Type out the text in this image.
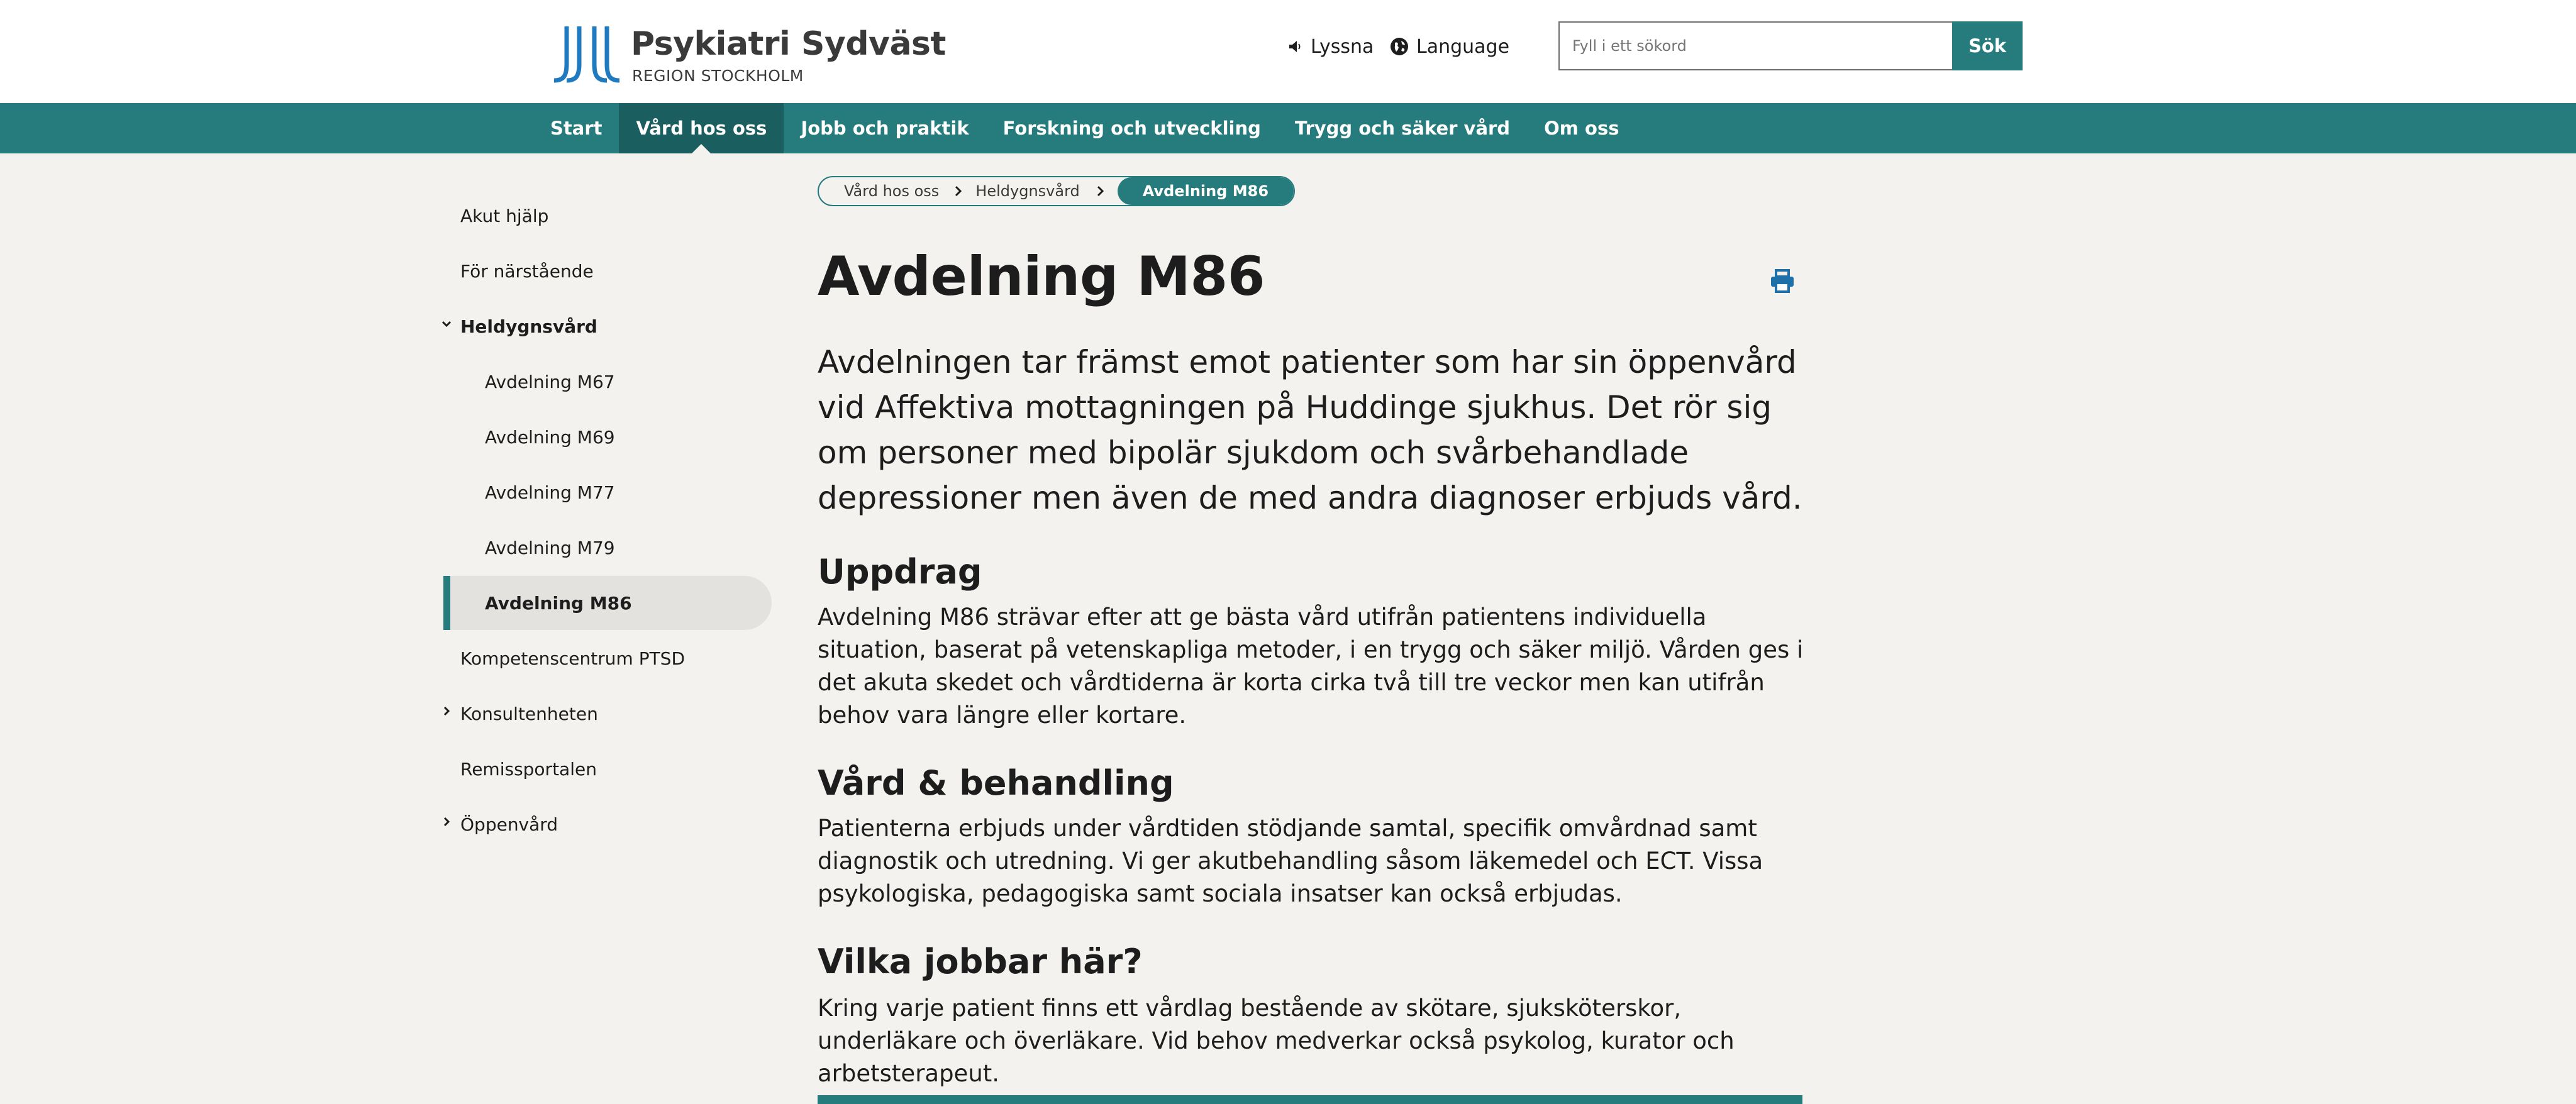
Psykiatri Sydväst
REGION STOCKHOLM
Lyssna Language
Fyll i ett sökord	Sök
Start	Vård hos oss	Jobb och praktik	Forskning och utveckling	Trygg och säker vård	Om oss
Akut hjälp
För närstående
Heldygnsvård
Avdelning M67
Avdelning M69
Avdelning M77
Avdelning M79
Avdelning M86
Kompetenscentrum PTSD
Konsultenheten
Remissportalen
Öppenvård
Vård hos oss	Heldygnsvård	Avdelning M86
Avdelning M86

Avdelningen tar främst emot patienter som har sin öppenvård vid Affektiva mottagningen på Huddinge sjukhus. Det rör sig om personer med bipolär sjukdom och svårbehandlade depressioner men även de med andra diagnoser erbjuds vård.

Uppdrag

Avdelning M86 strävar efter att ge bästa vård utifrån patientens individuella situation, baserat på vetenskapliga metoder, i en trygg och säker miljö. Vården ges i det akuta skedet och vårdtiderna är korta cirka två till tre veckor men kan utifrån behov vara längre eller kortare.

Vård & behandling

Patienterna erbjuds under vårdtiden stödjande samtal, specifik omvårdnad samt diagnostik och utredning. Vi ger akutbehandling såsom läkemedel och ECT. Vissa psykologiska, pedagogiska samt sociala insatser kan också erbjudas.

Vilka jobbar här?

Kring varje patient finns ett vårdlag bestående av skötare, sjuksköterskor, underläkare och överläkare. Vid behov medverkar också psykolog, kurator och arbetsterapeut.
